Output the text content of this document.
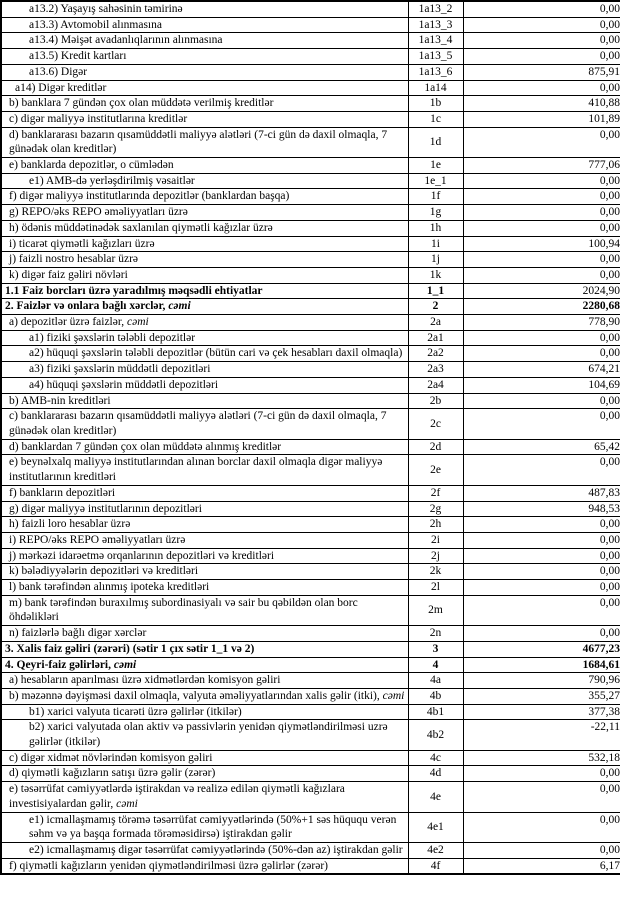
a13.2) Yaşayış sahəsinin təmirinə	1a13_2	0,00
a13.3) Avtomobil alınmasına	1a13_3	0,00
a13.4) Məişət avadanlıqlarının alınmasına	1a13_4	0,00
a13.5) Kredit kartları	1a13_5	0,00
a13.6) Digər	1a13_6	875,91
a14) Digər kreditlər	1a14	0,00
b) banklara 7 gündən çox olan müddətə verilmiş kreditlər	1b	410,88
c) digər maliyyə institutlarına kreditlər	1c	101,89
d) banklararası bazarın qısamüddətli maliyyə alətləri (7-ci gün də daxil olmaqla, 7 günədək olan kreditlər)	1d	0,00
e) banklarda depozitlər, o cümlədən	1e	777,06
e1) AMB-də yerləşdirilmiş vəsaitlər	1e_1	0,00
f) digər maliyyə institutlarında depozitlər (banklardan başqa)	1f	0,00
g) REPO/əks REPO əməliyyatları üzrə	1g	0,00
h) ödənis müddətinədək saxlanılan qiymətli kağızlar üzrə	1h	0,00
i) ticarət qiymətli kağızları üzrə	1i	100,94
j) faizli nostro hesablar üzrə	1j	0,00
k) digər faiz gəliri növləri	1k	0,00
1.1 Faiz borcları üzrə yaradılmış məqsədli ehtiyatlar	1_1	2024,90
2. Faizlər və onlara bağlı xərclər, cəmi	2	2280,68
a) depozitlər üzrə faizlər, cəmi	2a	778,90
a1) fiziki şəxslərin tələbli depozitlər	2a1	0,00
a2) hüquqi şəxslərin tələbli depozitlər (bütün cari və çek hesabları daxil olmaqla)	2a2	0,00
a3) fiziki şəxslərin müddətli depozitləri	2a3	674,21
a4) hüquqi şəxslərin müddətli depozitləri	2a4	104,69
b) AMB-nin kreditləri	2b	0,00
c) banklararası bazarın qısamüddətli maliyyə alətləri (7-ci gün də daxil olmaqla, 7 günədək olan kreditlər)	2c	0,00
d) banklardan 7 gündən çox olan müddətə alınmış kreditlər	2d	65,42
e) beynəlxalq maliyyə institutlarından alınan borclar daxil olmaqla digər maliyyə institutlarının kreditləri	2e	0,00
f) bankların depozitləri	2f	487,83
g) digər maliyyə institutlarının depozitləri	2g	948,53
h) faizli loro hesablar üzrə	2h	0,00
i) REPO/əks REPO əməliyyatları üzrə	2i	0,00
j) mərkəzi idarəetmə orqanlarının depozitləri və kreditləri	2j	0,00
k) bələdiyyələrin depozitləri və kreditləri	2k	0,00
l) bank tərəfindən alınmış ipoteka kreditləri	2l	0,00
m) bank tərəfindən buraxılmış subordinasiyalı və sair bu qəbildən olan borc öhdəlikləri	2m	0,00
n) faizlərlə bağlı digər xərclər	2n	0,00
3. Xalis faiz gəliri (zərəri) (sətir 1 çıx sətir 1_1 və 2)	3	4677,23
4. Qeyri-faiz gəlirləri, cəmi	4	1684,61
a) hesabların aparılması üzrə xidmətlərdən komisyon gəliri	4a	790,96
b) məzənnə dəyişməsi daxil olmaqla, valyuta əməliyyatlarından xalis gəlir (itki), cəmi	4b	355,27
b1) xarici valyuta ticarəti üzrə gəlirlər (itkilər)	4b1	377,38
b2) xarici valyutada olan aktiv və passivlərin yenidən qiymətləndirilməsi uzrə gəlirlər (itkilər)	4b2	-22,11
c) digər xidmət növlərindən komisyon gəliri	4c	532,18
d) qiymətli kağızların satışı üzrə gəlir (zərər)	4d	0,00
e) təsərrüfat cəmiyyətlərdə iştirakdan və realizə edilən qiymətli kağızlara investisiyalardan gəlir, cəmi	4e	0,00
e1) icmallaşmamış törəmə təsərrüfat cəmiyyətlərində (50%+1 səs hüququ verən səhm və ya başqa formada törəməsidirsə) iştirakdan gəlir	4e1	0,00
e2) icmallaşmamış digər təsərrüfat cəmiyyətlərində (50%-dən az) iştirakdan gəlir	4e2	0,00
f) qiymətli kağızların yenidən qiymətləndirilməsi üzrə gəlirlər (zərər)	4f	6,17
